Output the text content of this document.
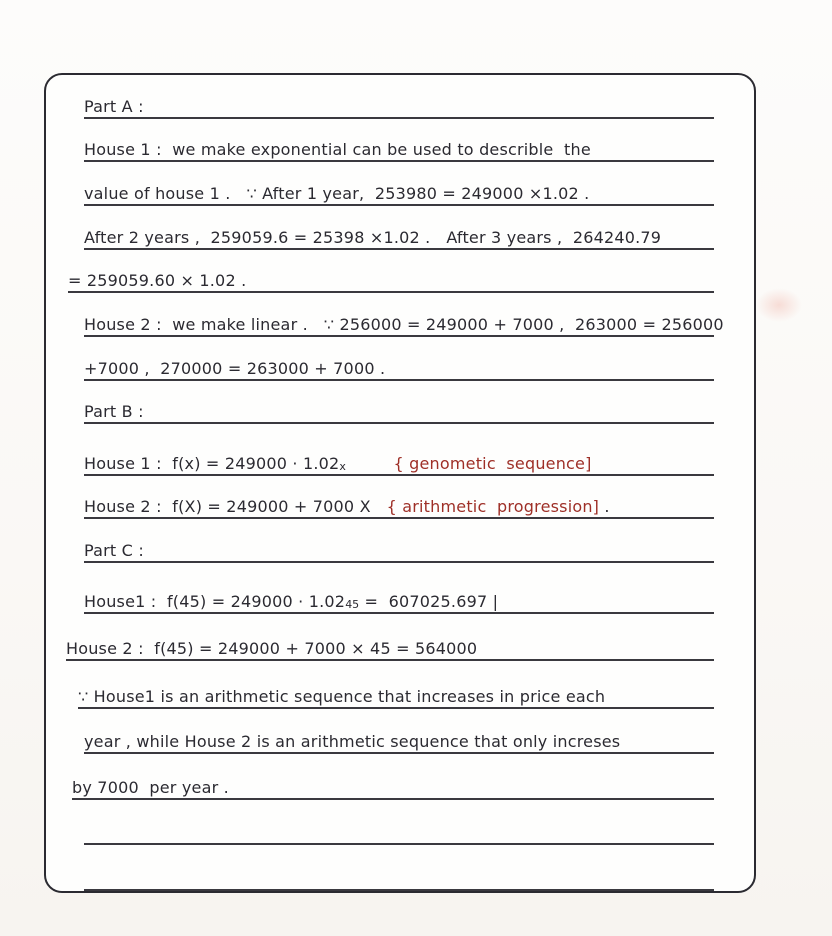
Part A :
House 1 :  we make exponential can be used to describle  the
value of house 1 .   ∵ After 1 year,  253980 = 249000 ×1.02 .
After 2 years ,  259059.6 = 25398 ×1.02 .   After 3 years ,  264240.79
= 259059.60 × 1.02 .
House 2 :  we make linear .   ∵ 256000 = 249000 + 7000 ,  263000 = 256000
+7000 ,  270000 = 263000 + 7000 .
Part B :
House 1 :  f(x) = 249000 · 1.02 x
	{ genometic  sequence]
House 2 :  f(X) = 249000 + 7000 X { arithmetic  progression] .
Part C :
House1 :  f(45) = 249000 · 1.02 45 =  607025.697 |
House 2 :  f(45) = 249000 + 7000 × 45 = 564000
∵ House1 is an arithmetic sequence that increases in price each
year , while House 2 is an arithmetic sequence that only increses
by 7000  per year .
